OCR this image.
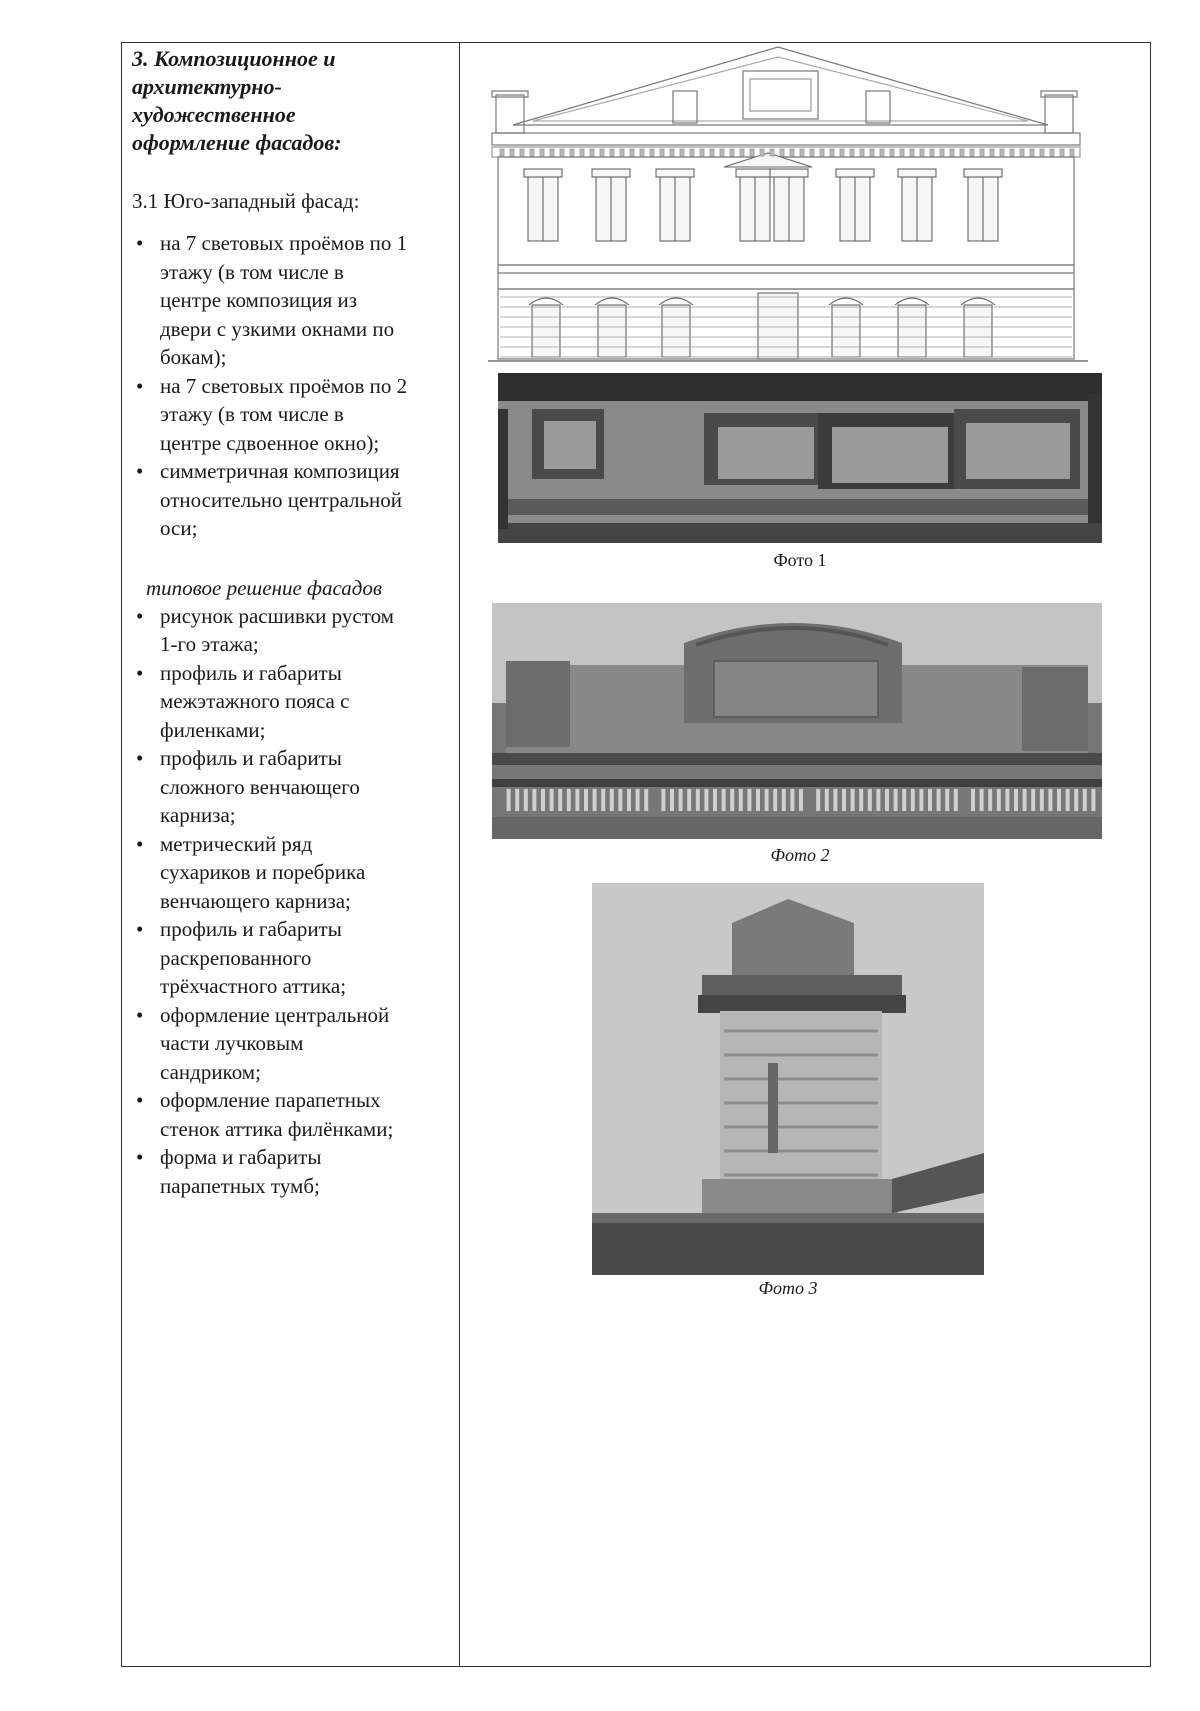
3. Композиционное и
архитектурно-
художественное
оформление фасадов:
3.1 Юго-западный фасад:
• на 7 световых проёмов по 1
этажу (в том числе в
центре композиция из
двери с узкими окнами по
бокам);
• на 7 световых проёмов по 2
этажу (в том числе в
центре сдвоенное окно);
• симметричная композиция
относительно центральной
оси;
типовое решение фасадов
• рисунок расшивки рустом
1-го этажа;
• профиль и габариты
межэтажного пояса с
филенками;
• профиль и габариты
сложного венчающего
карниза;
• метрический ряд
сухариков и поребрика
венчающего карниза;
• профиль и габариты
раскрепованного
трёхчастного аттика;
• оформление центральной
части лучковым
сандриком;
• оформление парапетных
стенок аттика филёнками;
• форма и габариты
парапетных тумб;
Фото 1
Фото 2
Фото 3
